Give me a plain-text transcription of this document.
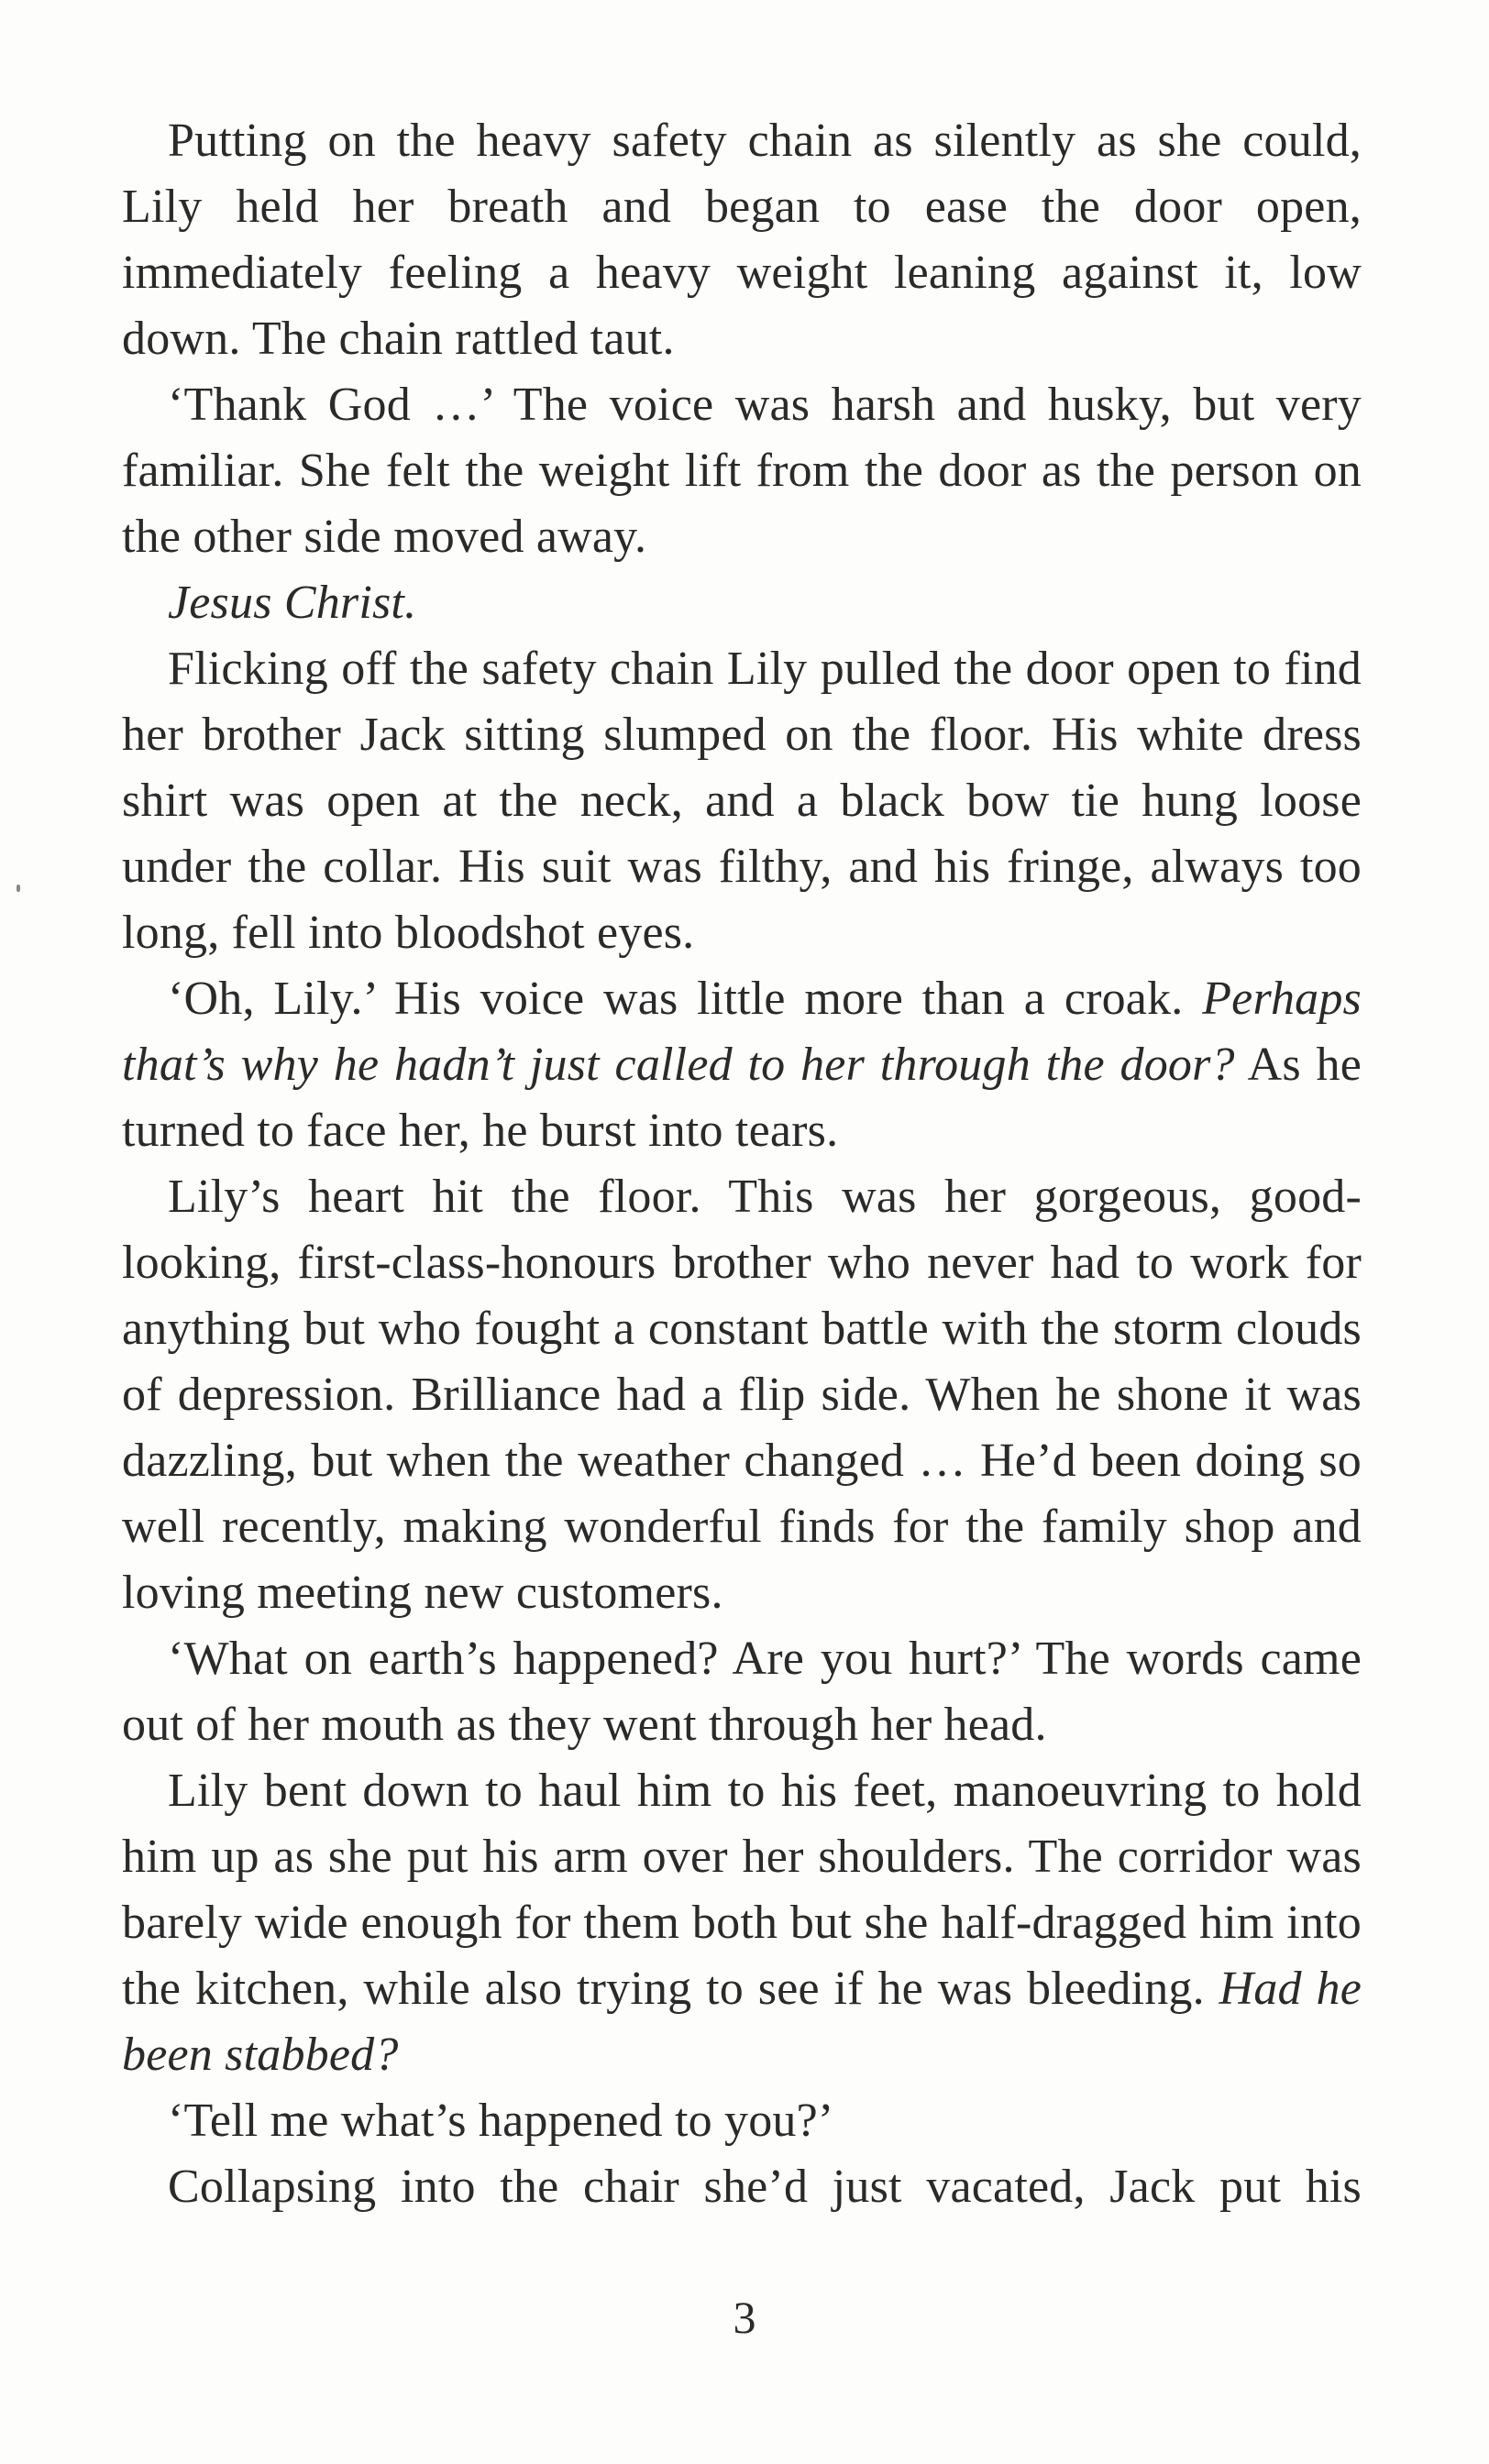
Putting on the heavy safety chain as silently as she could, Lily held her breath and began to ease the door open, immediately feeling a heavy weight leaning against it, low down. The chain rattled taut.

‘Thank God …’ The voice was harsh and husky, but very familiar. She felt the weight lift from the door as the person on the other side moved away.

Jesus Christ.

Flicking off the safety chain Lily pulled the door open to find her brother Jack sitting slumped on the floor. His white dress shirt was open at the neck, and a black bow tie hung loose under the collar. His suit was filthy, and his fringe, always too long, fell into bloodshot eyes.

‘Oh, Lily.’ His voice was little more than a croak. Perhaps that’s why he hadn’t just called to her through the door? As he turned to face her, he burst into tears.

Lily’s heart hit the floor. This was her gorgeous, good-looking, first-class-honours brother who never had to work for anything but who fought a constant battle with the storm clouds of depression. Brilliance had a flip side. When he shone it was dazzling, but when the weather changed … He’d been doing so well recently, making wonderful finds for the family shop and loving meeting new customers.

‘What on earth’s happened? Are you hurt?’ The words came out of her mouth as they went through her head.

Lily bent down to haul him to his feet, manoeuvring to hold him up as she put his arm over her shoulders. The corridor was barely wide enough for them both but she half-dragged him into the kitchen, while also trying to see if he was bleeding. Had he been stabbed?

‘Tell me what’s happened to you?’

Collapsing into the chair she’d just vacated, Jack put his

3
